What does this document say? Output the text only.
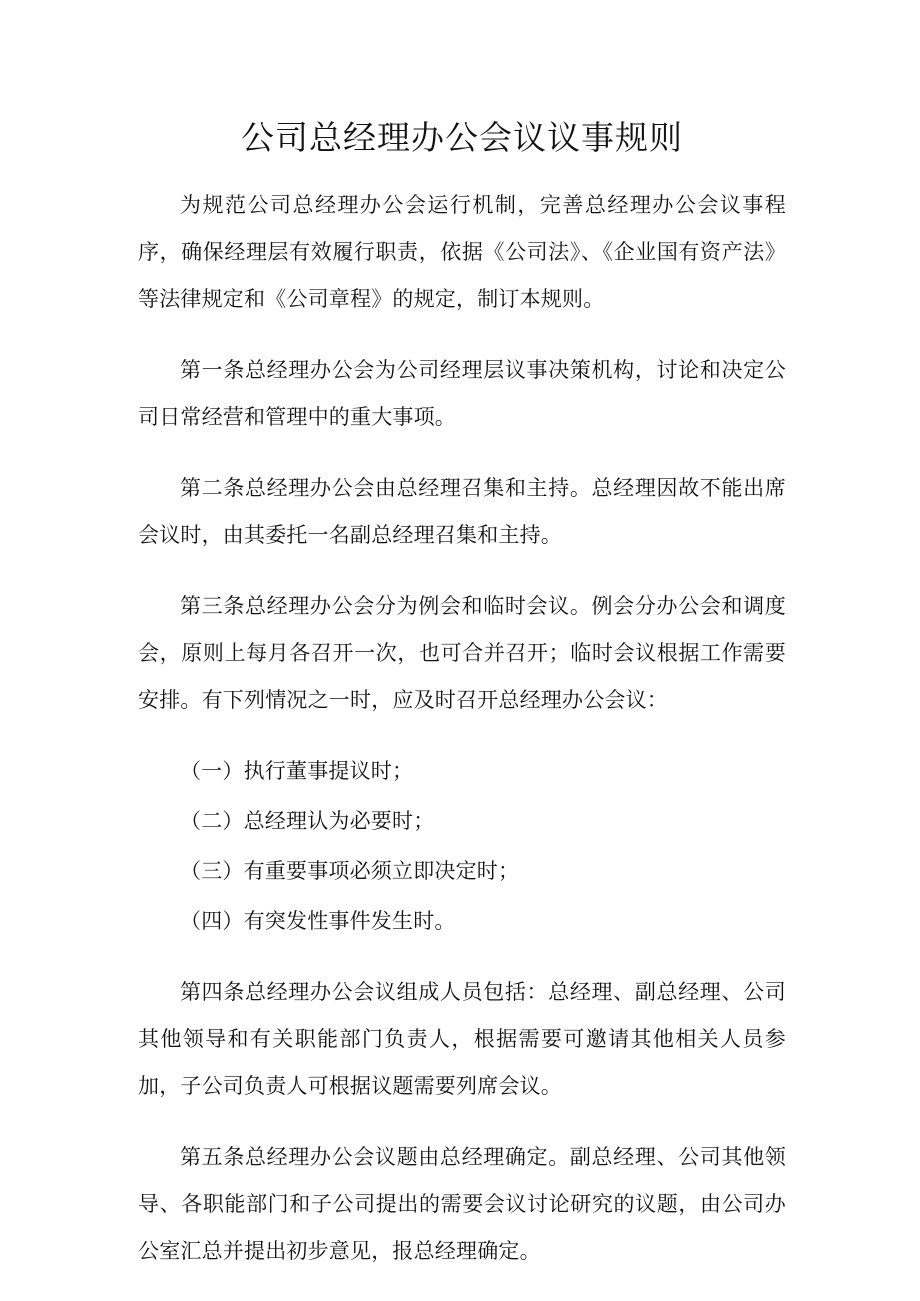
公司总经理办公会议议事规则

为规范公司总经理办公会运行机制，完善总经理办公会议事程序，确保经理层有效履行职责，依据《公司法》、《企业国有资产法》等法律规定和《公司章程》的规定，制订本规则。

第一条总经理办公会为公司经理层议事决策机构，讨论和决定公司日常经营和管理中的重大事项。

第二条总经理办公会由总经理召集和主持。总经理因故不能出席会议时，由其委托一名副总经理召集和主持。

第三条总经理办公会分为例会和临时会议。例会分办公会和调度会，原则上每月各召开一次，也可合并召开；临时会议根据工作需要安排。有下列情况之一时，应及时召开总经理办公会议：

（一）执行董事提议时；
（二）总经理认为必要时；
（三）有重要事项必须立即决定时；
（四）有突发性事件发生时。

第四条总经理办公会议组成人员包括：总经理、副总经理、公司其他领导和有关职能部门负责人，根据需要可邀请其他相关人员参加，子公司负责人可根据议题需要列席会议。

第五条总经理办公会议题由总经理确定。副总经理、公司其他领导、各职能部门和子公司提出的需要会议讨论研究的议题，由公司办公室汇总并提出初步意见，报总经理确定。
